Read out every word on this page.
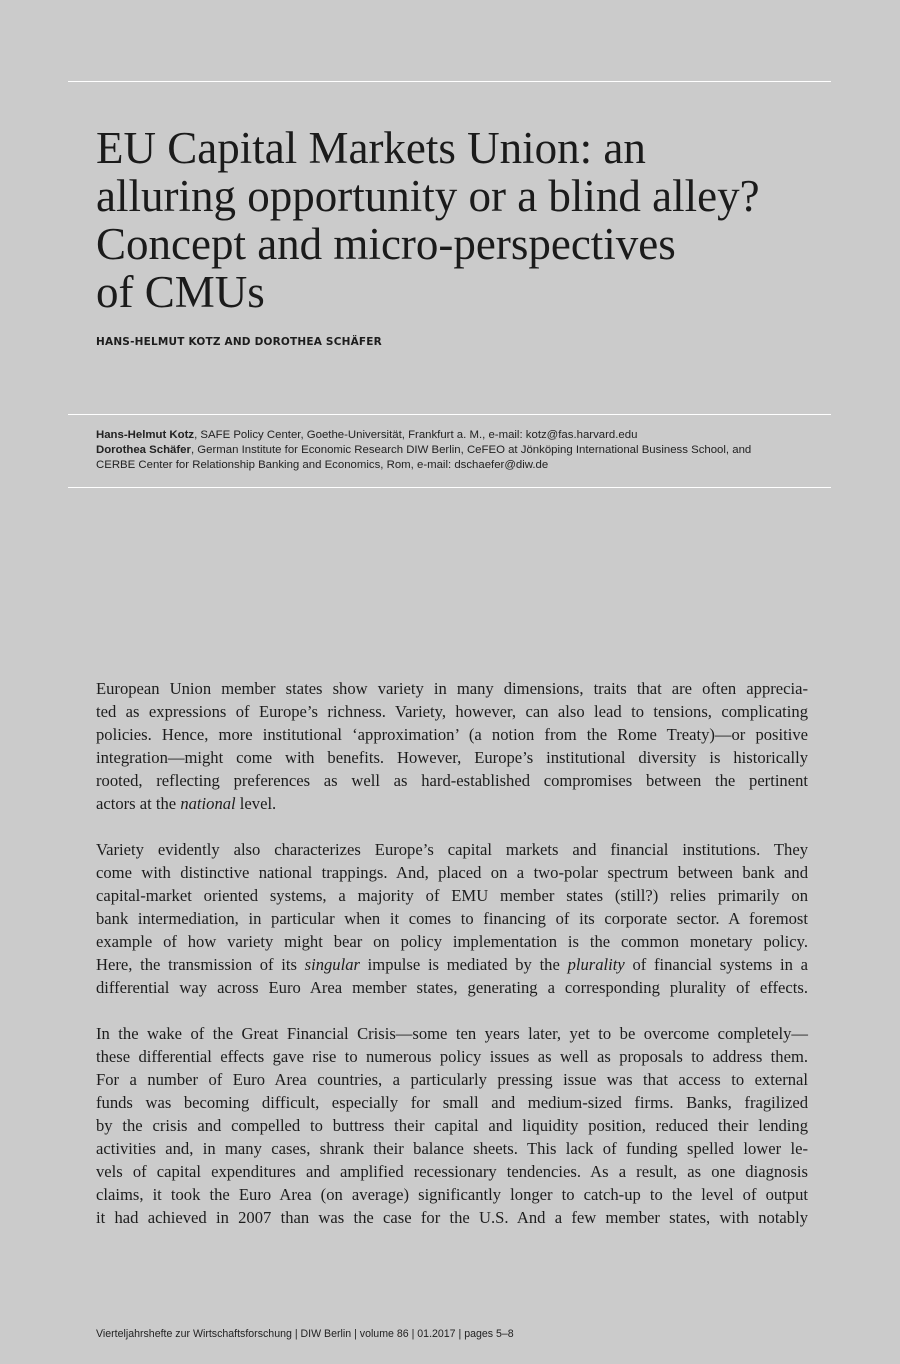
EU Capital Markets Union: an
alluring opportunity or a blind alley?
Concept and micro-perspectives
of CMUs
HANS-HELMUT KOTZ AND DOROTHEA SCHÄFER
Hans-Helmut Kotz, SAFE Policy Center, Goethe-Universität, Frankfurt a. M., e-mail: kotz@fas.harvard.edu
Dorothea Schäfer, German Institute for Economic Research DIW Berlin, CeFEO at Jönköping International Business School, and
CERBE Center for Relationship Banking and Economics, Rom, e-mail: dschaefer@diw.de

European Union member states show variety in many dimensions, traits that are often apprecia-
ted as expressions of Europe’s richness. Variety, however, can also lead to tensions, complicating
policies. Hence, more institutional ‘approximation’ (a notion from the Rome Treaty)—or positive
integration—might come with benefits. However, Europe’s institutional diversity is historically
rooted, reflecting preferences as well as hard-established compromises between the pertinent
actors at the national level.

Variety evidently also characterizes Europe’s capital markets and financial institutions. They
come with distinctive national trappings. And, placed on a two-polar spectrum between bank and
capital-market oriented systems, a majority of EMU member states (still?) relies primarily on
bank intermediation, in particular when it comes to financing of its corporate sector. A foremost
example of how variety might bear on policy implementation is the common monetary policy.
Here, the transmission of its singular impulse is mediated by the plurality of financial systems in a
differential way across Euro Area member states, generating a corresponding plurality of effects.

In the wake of the Great Financial Crisis—some ten years later, yet to be overcome completely—
these differential effects gave rise to numerous policy issues as well as proposals to address them.
For a number of Euro Area countries, a particularly pressing issue was that access to external
funds was becoming difficult, especially for small and medium-sized firms. Banks, fragilized
by the crisis and compelled to buttress their capital and liquidity position, reduced their lending
activities and, in many cases, shrank their balance sheets. This lack of funding spelled lower le-
vels of capital expenditures and amplified recessionary tendencies. As a result, as one diagnosis
claims, it took the Euro Area (on average) significantly longer to catch-up to the level of output
it had achieved in 2007 than was the case for the U.S. And a few member states, with notably

Vierteljahrshefte zur Wirtschaftsforschung | DIW Berlin | volume 86 | 01.2017 | pages 5–8
